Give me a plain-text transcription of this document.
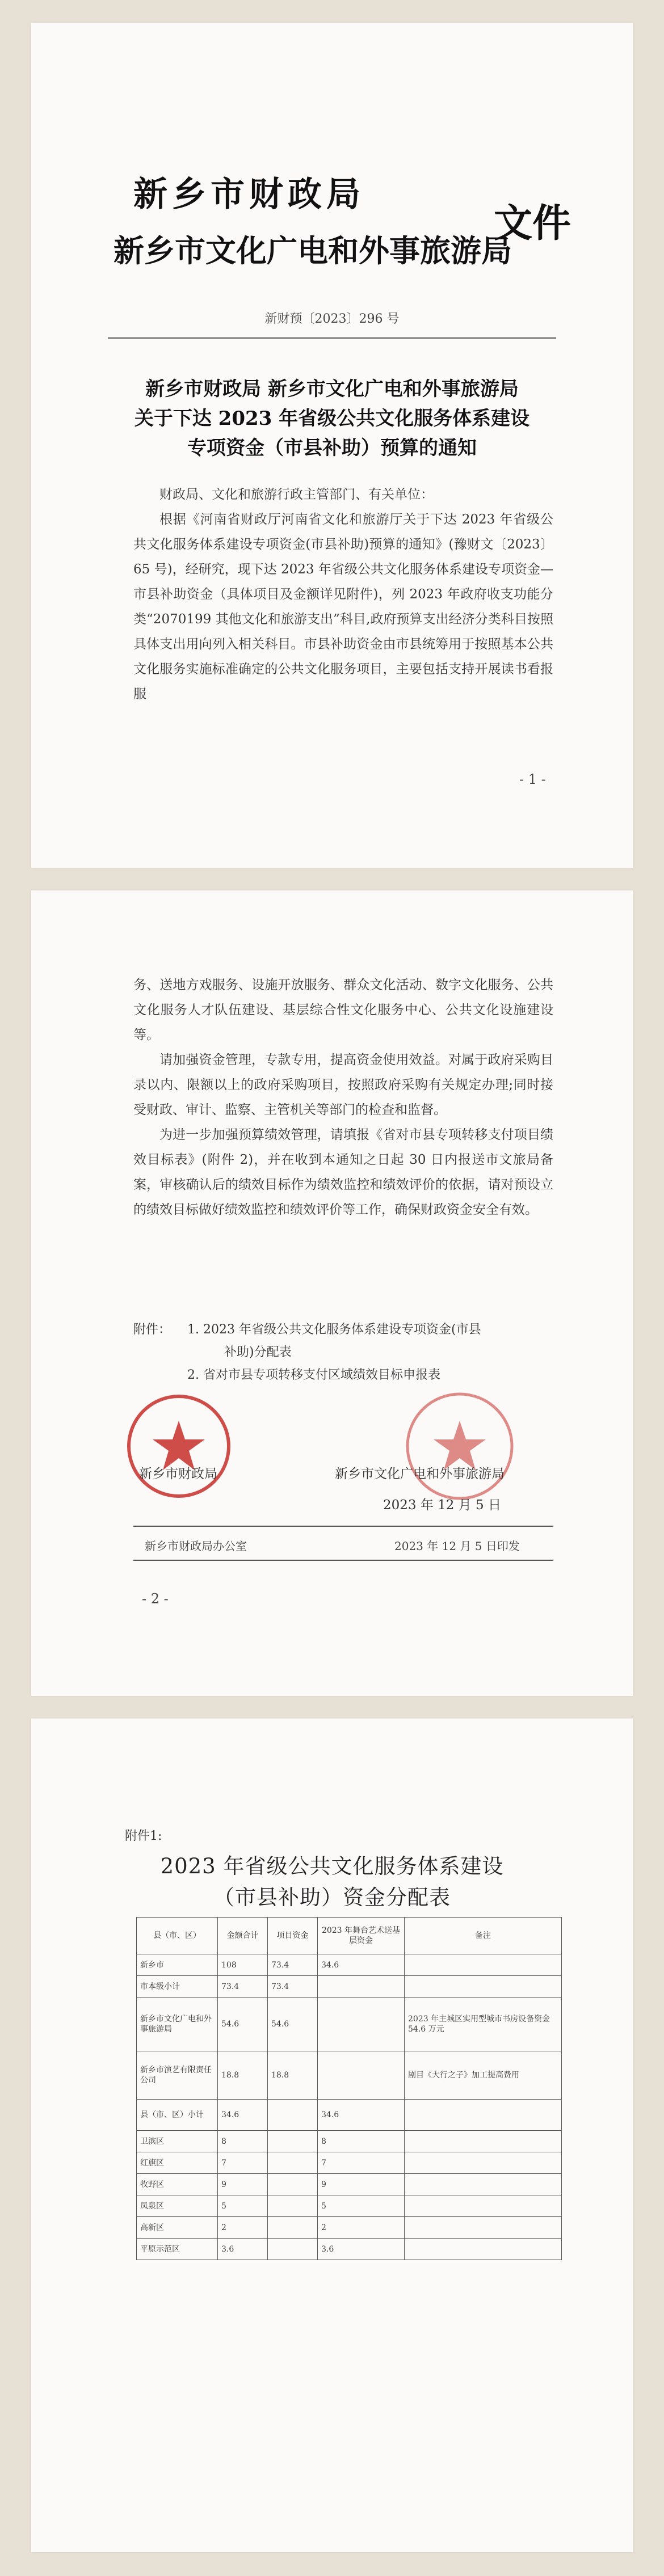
新乡市财政局
新乡市文化广电和外事旅游局
文件
新财预〔2023〕296 号
新乡市财政局 新乡市文化广电和外事旅游局
关于下达 2023 年省级公共文化服务体系建设
专项资金（市县补助）预算的通知

财政局、文化和旅游行政主管部门、有关单位：

根据《河南省财政厅河南省文化和旅游厅关于下达 2023 年省级公共文化服务体系建设专项资金(市县补助)预算的通知》(豫财文〔2023〕65 号)，经研究，现下达 2023 年省级公共文化服务体系建设专项资金—市县补助资金（具体项目及金额详见附件)，列 2023 年政府收支功能分类“2070199 其他文化和旅游支出”科目,政府预算支出经济分类科目按照具体支出用向列入相关科目。市县补助资金由市县统筹用于按照基本公共文化服务实施标准确定的公共文化服务项目，主要包括支持开展读书看报服

- 1 -

务、送地方戏服务、设施开放服务、群众文化活动、数字文化服务、公共文化服务人才队伍建设、基层综合性文化服务中心、公共文化设施建设等。

请加强资金管理，专款专用，提高资金使用效益。对属于政府采购目录以内、限额以上的政府采购项目，按照政府采购有关规定办理;同时接受财政、审计、监察、主管机关等部门的检查和监督。

为进一步加强预算绩效管理，请填报《省对市县专项转移支付项目绩效目标表》(附件 2)，并在收到本通知之日起 30 日内报送市文旅局备案，审核确认后的绩效目标作为绩效监控和绩效评价的依据，请对预设立的绩效目标做好绩效监控和绩效评价等工作，确保财政资金安全有效。

附件：	1. 2023 年省级公共文化服务体系建设专项资金(市县
补助)分配表
2. 省对市县专项转移支付区域绩效目标申报表
新乡市财政局	新乡市文化广电和外事旅游局
2023 年 12 月 5 日
新乡市财政局办公室	2023 年 12 月 5 日印发
- 2 -
附件1:
2023 年省级公共文化服务体系建设
（市县补助）资金分配表
县（市、区）	金额合计	项目资金	2023 年舞台艺术送基层资金	备注
新乡市	108	73.4	34.6	
市本级小计	73.4	73.4		
新乡市文化广电和外事旅游局	54.6	54.6		2023 年主城区实用型城市书房设备资金 54.6 万元
新乡市演艺有限责任公司	18.8	18.8		剧目《大行之子》加工提高费用
县（市、区）小计	34.6		34.6	
卫滨区	8		8	
红旗区	7		7	
牧野区	9		9	
凤泉区	5		5	
高新区	2		2	
平原示范区	3.6		3.6	
